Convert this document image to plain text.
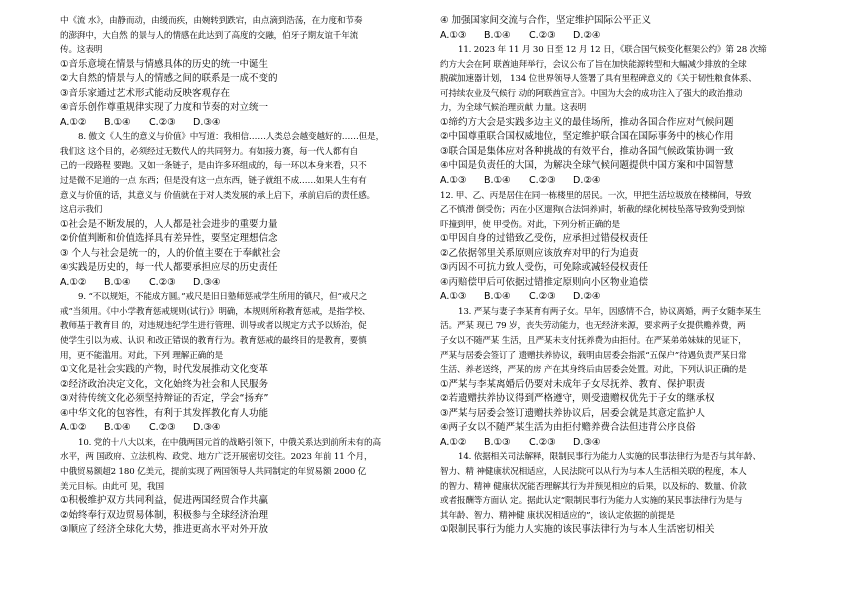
中《流 水》，由静而动，由缓而疾，由婉转到跌宕，由点滴到浩荡，在力度和节奏
的澎湃中，大自然 的景与人的情感在此达到了高度的交融，伯牙子期友谊千年流
传。这表明
①音乐意境在情景与情感具体的历史的统一中诞生
②大自然的情景与人的情感之间的联系是一成不变的
③音乐家通过艺术形式能动反映客观存在
④音乐创作尊重规律实现了力度和节奏的对立统一
A.①②	B.①④	C.②③	D.③④
8. 傲文《人生的意义与价值》中写道：我相信……人类总会越变越好的……但是，
我们这 这个目的，必须经过无数代人的共同努力。有如接力赛，每一代人都有自
己的一段路程 要跑。又如一条链子，是由许多环组成的，每一环以本身来看，只不
过是微不足道的一点 东西；但是没有这一点东西，链子就组不成……如果人生有有
意义与价值的话，其意义与 价值就在于对人类发展的承上启下，承前启后的责任感。
这启示我们
①社会是不断发展的，人人都是社会进步的重要力量
②价值判断和价值选择具有差异性，要坚定理想信念
③ 个人与社会是统一的，人的价值主要在于奉献社会
④实践是历史的，每一代人都要承担应尽的历史责任
A.①②	B.①④	C.②③	D.③④
9. “不以规矩，不能成方圆。”戒尺是旧日塾师惩戒学生所用的镇尺，但“戒尺之
戒”当须用。《中小学教育惩戒规则(试行)》明确，本规则所称教育惩戒，是指学校、
教师基于教育目 的，对违规违纪学生进行管理、训导或者以规定方式予以矫治，促
使学生引以为戒、认识 和改正错误的教育行为。教育惩戒的最终目的是教育，要慎
用，更不能滥用。对此，下列 理解正确的是
①文化是社会实践的产物，时代发展推动文化变革
②经济政治决定文化，文化始终为社会和人民服务
③对待传统文化必须坚持辩证的否定，学会“扬弃”
④中华文化的包容性，有利于其发挥教化育人功能
A.①②	B.①④	C.②③	D.③④
10. 党的十八大以来，在中俄两国元首的战略引领下，中俄关系达到前所未有的高
水平，两 国政府、立法机构、政党、地方广泛开展密切交往。2023 年前 11 个月，
中俄贸易额超2 180 亿美元，提前实现了两国领导人共同制定的年贸易额 2000 亿
美元目标。由此可 见，我国
①积极维护双方共同利益，促进两国经贸合作共赢
②始终奉行双边贸易体制，积极参与全球经济治理
③顺应了经济全球化大势，推进更高水平对外开放
④ 加强国家间交流与合作，坚定维护国际公平正义
A.①③	B.①④	C.②③	D.②④
11. 2023 年 11 月 30 日至 12 月 12 日，《联合国气候变化框架公约》第 28 次缔
约方大会在阿 联酋迪拜举行，会议公布了旨在加快能源转型和大幅减少排放的全球
脱碳加速器计划， 134 位世界领导人签署了具有里程碑意义的《关于韧性粮食体系、
可持续农业及气候行 动的阿联酋宣言》。中国为大会的成功注入了强大的政治推动
力，为全球气候治理贡献 力量。这表明
①缔约方大会是实践多边主义的最佳场所，推动各国合作应对气候问题
②中国尊重联合国权威地位，坚定维护联合国在国际事务中的核心作用
③联合国是集体应对各种挑战的有效平台，推动各国气候政策协调一致
④中国是负责任的大国，为解决全球气候问题提供中国方案和中国智慧
A.①③	B.①④	C.②③	D.②④
12. 甲、乙、丙是居住在同一栋楼里的居民。一次，甲把生活垃圾放在楼梯间，导致
乙不慎滑 倒受伤；丙在小区遛狗(合法饲养)时，斩截的绿化树枝坠落导致狗受到惊
吓撞到甲，使 甲受伤。对此，下列分析正确的是
①甲因自身的过错致乙受伤，应承担过错侵权责任
②乙依据邻里关系原则应该放弃对甲的行为追责
③丙因不可抗力致人受伤，可免除或减轻侵权责任
④丙赔偿甲后可依据过错推定原则向小区物业追偿
A.①③	B.①④	C.②③	D.②④
13. 严某与妻子李某育有两子女。早年，因感情不合，协议离婚，两子女随李某生
活。严某 现已 79 岁，丧失劳动能力，也无经济来源，要求两子女提供赡养费，两
子女以不随严某 生活，且严某未支付抚养费为由拒付。在严某弟弟妹妹的见证下，
严某与居委会签订了 遗赠扶养协议，载明由居委会指派“五保户”待遇负责严某日常
生活、养老送终，严某的房 产在其身终后由居委会处置。对此，下列认识正确的是
①严某与李某离婚后仍要对未成年子女尽抚养、教育、保护职责
②若遗赠扶养协议得到严格遵守，则受遗赠权优先于子女的继承权
③严某与居委会签订遗赠扶养协议后，居委会就是其意定监护人
④两子女以不随严某生活为由拒付赡养费合法但违背公序良俗
A.①②	B.①③	C.②③	D.③④
14. 依据相关司法解释，限制民事行为能力人实施的民事法律行为是否与其年龄、
智力、精 神健康状况相适应，人民法院可以从行为与本人生活相关联的程度，本人
的智力、精神 健康状况能否理解其行为并预见相应的后果，以及标的、数量、价款
或者报酬等方面认 定。据此认定“限制民事行为能力人实施的某民事法律行为是与
其年龄、智力、精神健 康状况相适应的”，该认定依据的前提是
①限制民事行为能力人实施的该民事法律行为与本人生活密切相关
